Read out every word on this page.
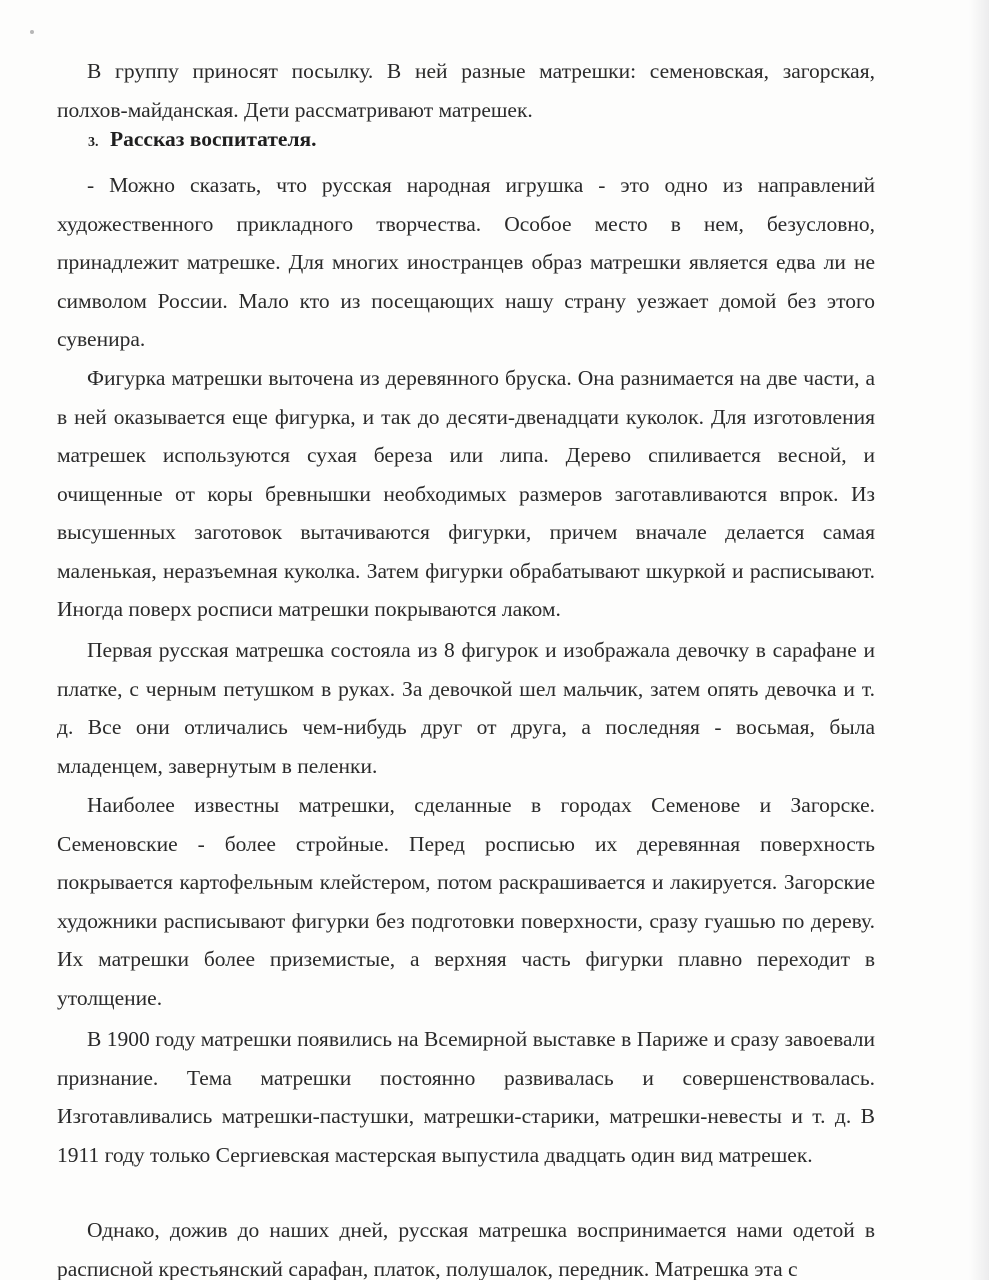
В группу приносят посылку. В ней разные матрешки: семеновская, загорская, полхов-майданская. Дети рассматривают матрешек.

3. Рассказ воспитателя.

- Можно сказать, что русская народная игрушка - это одно из направлений художественного прикладного творчества. Особое место в нем, безусловно, принадлежит матрешке. Для многих иностранцев образ матрешки является едва ли не символом России. Мало кто из посещающих нашу страну уезжает домой без этого сувенира.

Фигурка матрешки выточена из деревянного бруска. Она разнимается на две части, а в ней оказывается еще фигурка, и так до десяти-двенадцати куколок. Для изготовления матрешек используются сухая береза или липа. Дерево спиливается весной, и очищенные от коры бревнышки необходимых размеров заготавливаются впрок. Из высушенных заготовок вытачиваются фигурки, причем вначале делается самая маленькая, неразъемная куколка. Затем фигурки обрабатывают шкуркой и расписывают. Иногда поверх росписи матрешки покрываются лаком.

Первая русская матрешка состояла из 8 фигурок и изображала девочку в сарафане и платке, с черным петушком в руках. За девочкой шел мальчик, затем опять девочка и т. д. Все они отличались чем-нибудь друг от друга, а последняя - восьмая, была младенцем, завернутым в пеленки.

Наиболее известны матрешки, сделанные в городах Семенове и Загорске. Семеновские - более стройные. Перед росписью их деревянная поверхность покрывается картофельным клейстером, потом раскрашивается и лакируется. Загорские художники расписывают фигурки без подготовки поверхности, сразу гуашью по дереву. Их матрешки более приземистые, а верхняя часть фигурки плавно переходит в утолщение.

В 1900 году матрешки появились на Всемирной выставке в Париже и сразу завоевали признание. Тема матрешки постоянно развивалась и совершенствовалась. Изготавливались матрешки-пастушки, матрешки-старики, матрешки-невесты и т. д. В 1911 году только Сергиевская мастерская выпустила двадцать один вид матрешек.

Однако, дожив до наших дней, русская матрешка воспринимается нами одетой в расписной крестьянский сарафан, платок, полушалок, передник. Матрешка эта с
